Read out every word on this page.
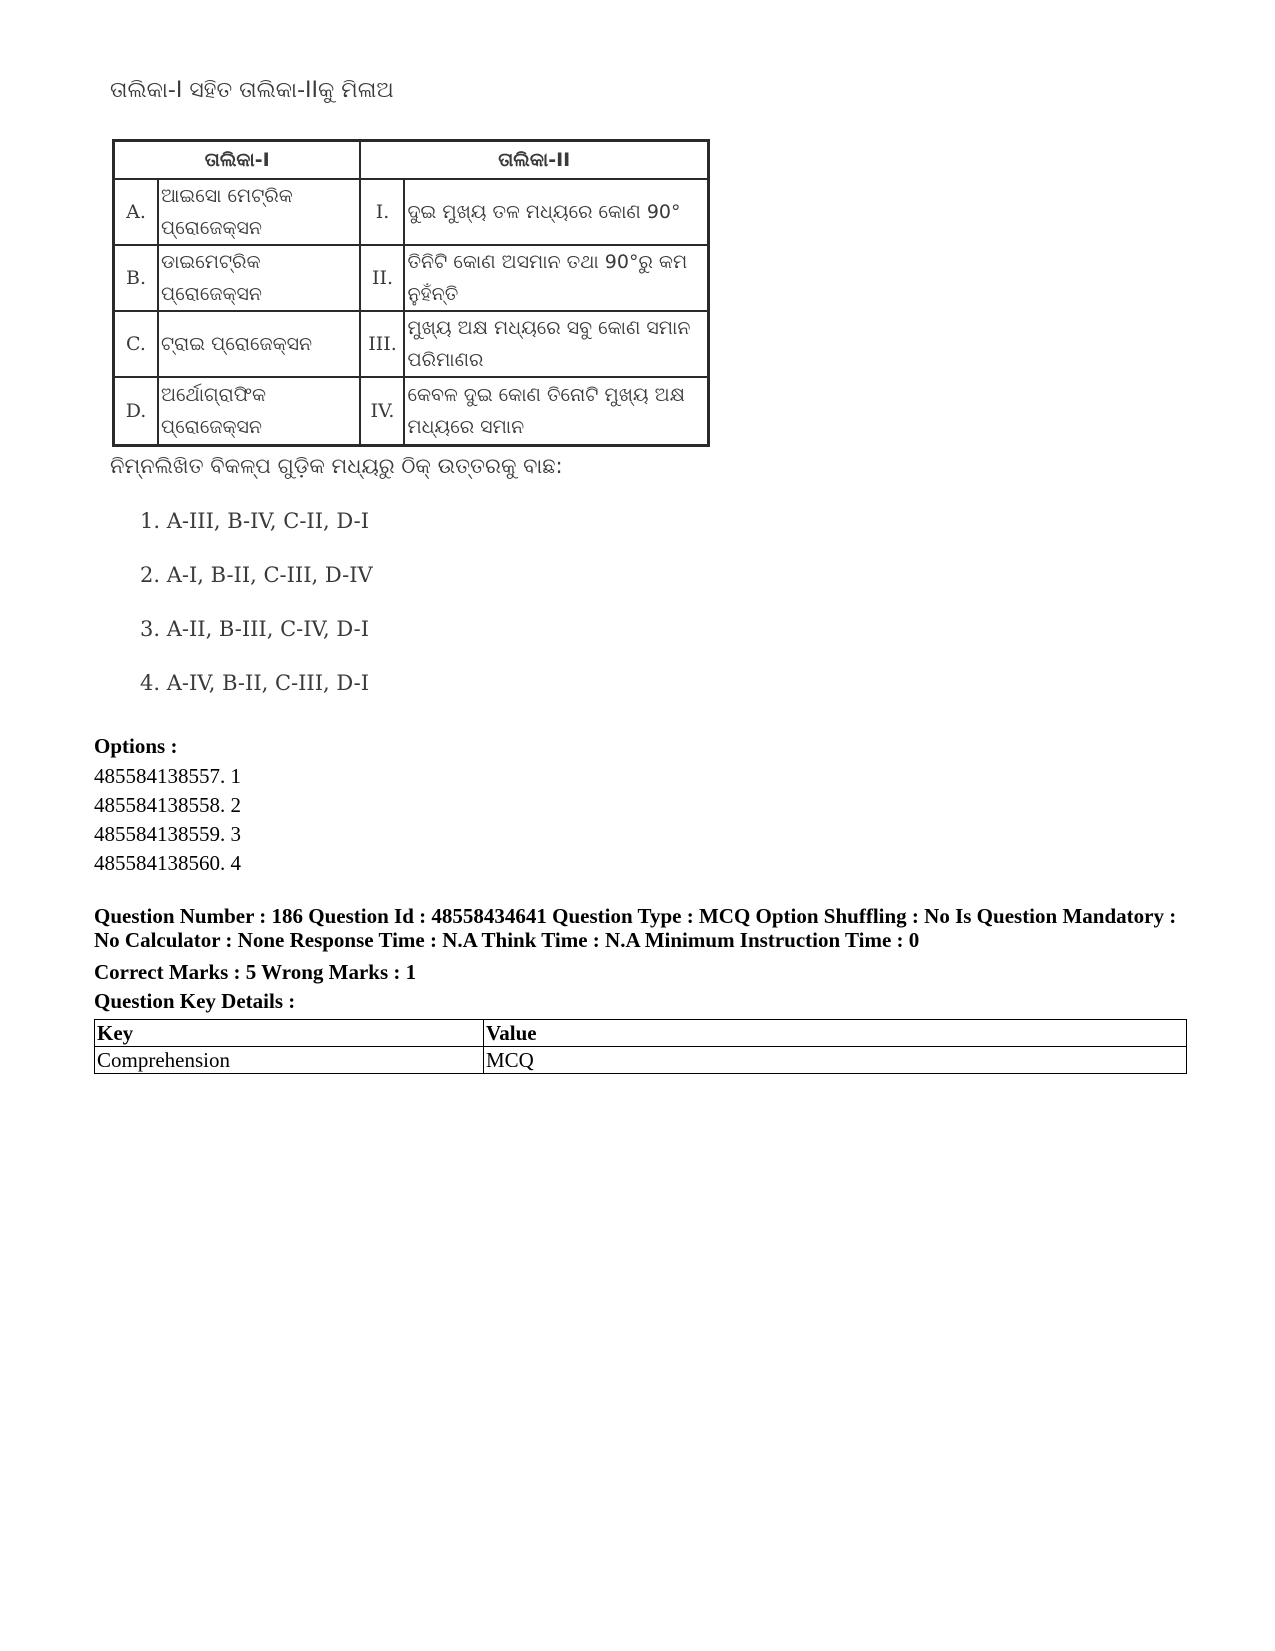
ତାଲିକା-I ସହିତ ତାଲିକା-IIକୁ ମିଳାଅ
ତାଲିକା-I		ତାଲିକା-II	
A.	ଆଇସୋ ମେଟ୍ରିକ ପ୍ରୋଜେକ୍ସନ	I.	ଦୁଇ ମୁଖ୍ୟ ତଳ ମଧ୍ୟରେ କୋଣ 90°
B.	ଡାଇମେଟ୍ରିକ ପ୍ରୋଜେକ୍ସନ	II.	ତିନିଟି କୋଣ ଅସମାନ ତଥା 90°ରୁ କମ ନୁହଁନ୍ତି
C.	ଟ୍ରାଇ ପ୍ରୋଜେକ୍ସନ	III.	ମୁଖ୍ୟ ଅକ୍ଷ ମଧ୍ୟରେ ସବୁ କୋଣ ସମାନ ପରିମାଣର
D.	ଅର୍ଥୋଗ୍ରାଫିକ ପ୍ରୋଜେକ୍ସନ	IV.	କେବଳ ଦୁଇ କୋଣ ତିନୋଟି ମୁଖ୍ୟ ଅକ୍ଷ ମଧ୍ୟରେ ସମାନ
ନିମ୍ନଲିଖିତ ବିକଳ୍ପ ଗୁଡ଼ିକ ମଧ୍ୟରୁ ଠିକ୍ ଉତ୍ତରକୁ ବାଛ:
1. A-III, B-IV, C-II, D-I
2. A-I, B-II, C-III, D-IV
3. A-II, B-III, C-IV, D-I
4. A-IV, B-II, C-III, D-I
Options :
485584138557. 1
485584138558. 2
485584138559. 3
485584138560. 4
Question Number : 186 Question Id : 48558434641 Question Type : MCQ Option Shuffling : No Is Question Mandatory : No Calculator : None Response Time : N.A Think Time : N.A Minimum Instruction Time : 0
Correct Marks : 5 Wrong Marks : 1
Question Key Details :
Key	Value
Comprehension	MCQ
